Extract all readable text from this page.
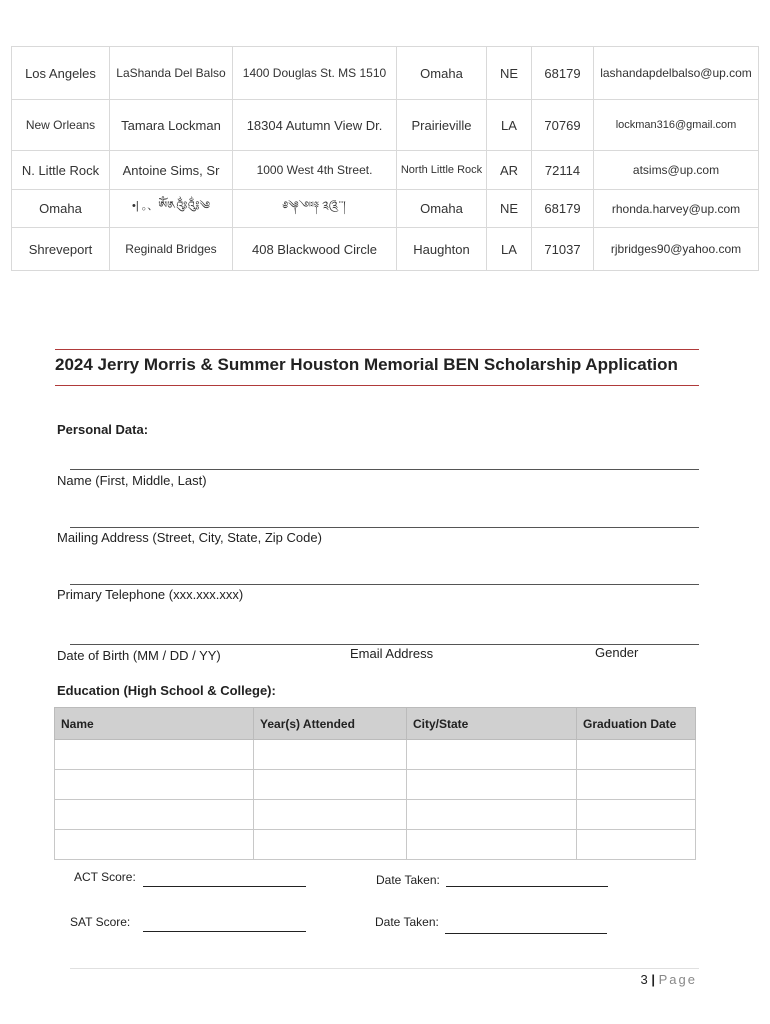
Los Angeles	LaShanda Del Balso	1400 Douglas St. MS 1510	Omaha	NE	68179	lashandapdelbalso@up.com
New Orleans	Tamara Lockman	18304 Autumn View Dr.	Prairieville	LA	70769	lockman316@gmail.com
N. Little Rock	Antoine Sims, Sr	1000 West 4th Street.	North Little Rock	AR	72114	atsims@up.com
Omaha	•| 。、ༀ༁༂༃༄	༅༆༇༈ ༉༊་༌།	Omaha	NE	68179	rhonda.harvey@up.com
Shreveport	Reginald Bridges	408 Blackwood Circle	Haughton	LA	71037	rjbridges90@yahoo.com
2024 Jerry Morris & Summer Houston Memorial BEN Scholarship Application
Personal Data:
Name (First, Middle, Last)
Mailing Address (Street, City, State, Zip Code)
Primary Telephone (xxx.xxx.xxx)
Date of Birth (MM / DD / YY)	Email Address	Gender
Education (High School & College):
Name	Year(s) Attended	City/State	Graduation Date

ACT Score:	Date Taken:
SAT Score:	Date Taken:
3 | Page
